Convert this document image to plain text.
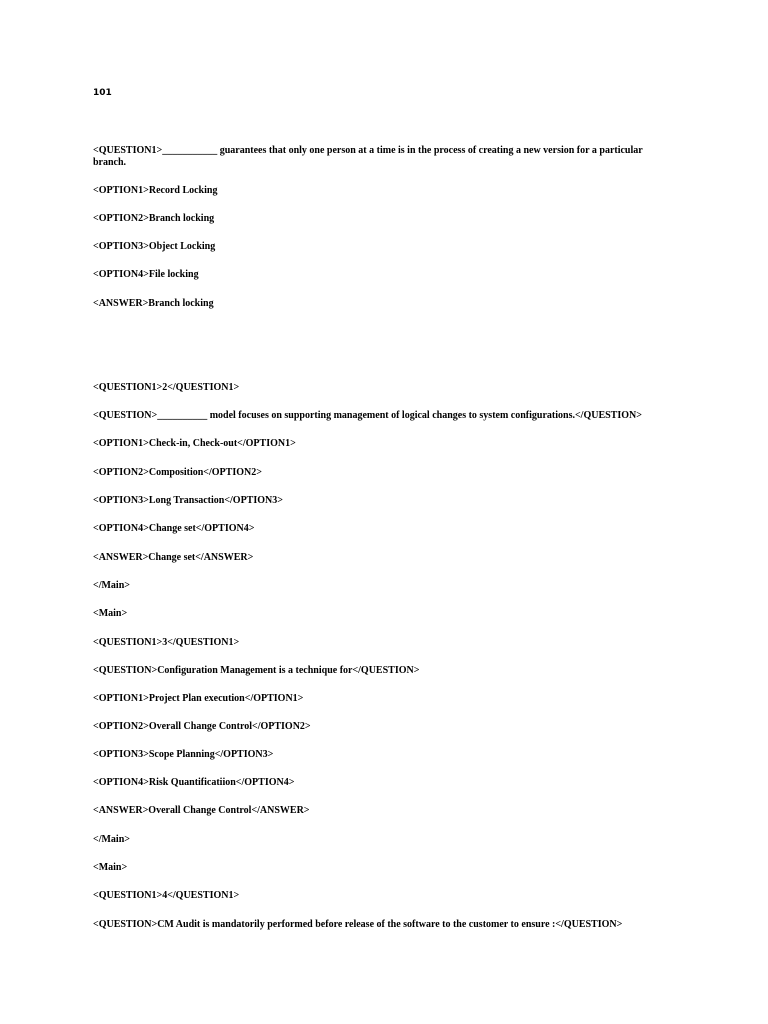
101
<QUESTION1>___________ guarantees that only one person at a time is in the process of creating a new version for a particular branch.
<OPTION1>Record Locking
<OPTION2>Branch locking
<OPTION3>Object Locking
<OPTION4>File locking
<ANSWER>Branch locking
<QUESTION1>2</QUESTION1>
<QUESTION>__________ model focuses on supporting management of logical changes to system configurations.</QUESTION>
<OPTION1>Check-in, Check-out</OPTION1>
<OPTION2>Composition</OPTION2>
<OPTION3>Long Transaction</OPTION3>
<OPTION4>Change set</OPTION4>
<ANSWER>Change set</ANSWER>
</Main>
<Main>
<QUESTION1>3</QUESTION1>
<QUESTION>Configuration Management is a technique for</QUESTION>
<OPTION1>Project Plan execution</OPTION1>
<OPTION2>Overall Change Control</OPTION2>
<OPTION3>Scope Planning</OPTION3>
<OPTION4>Risk Quantificatiion</OPTION4>
<ANSWER>Overall Change Control</ANSWER>
</Main>
<Main>
<QUESTION1>4</QUESTION1>
<QUESTION>CM Audit is mandatorily performed before release of the software to the customer to ensure :</QUESTION>
